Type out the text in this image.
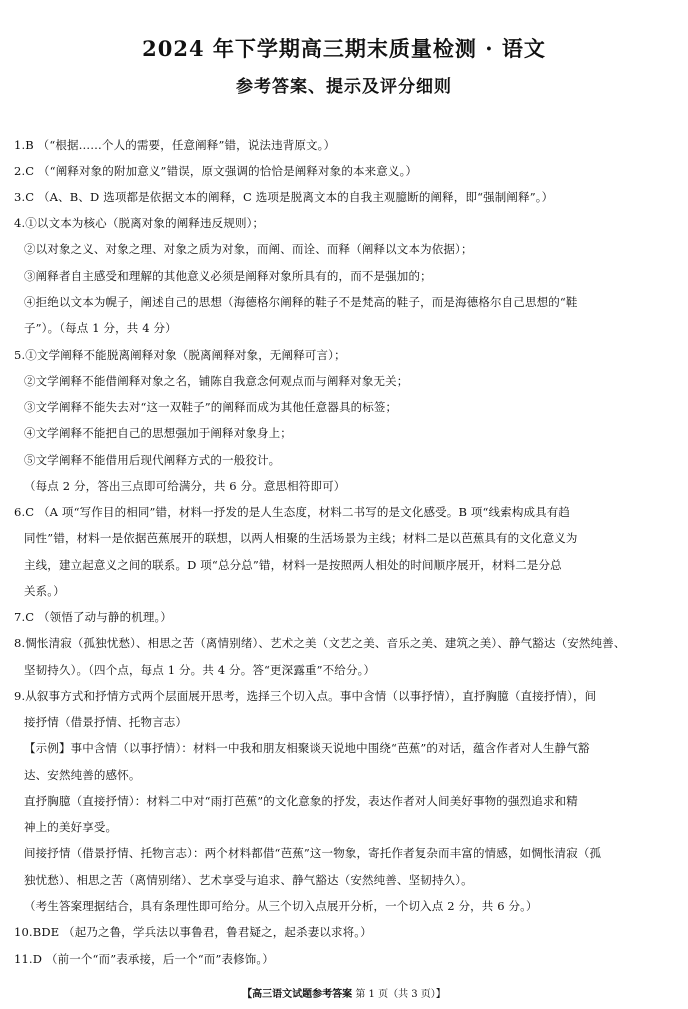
2024 年下学期高三期末质量检测 · 语文
参考答案、提示及评分细则
1.B （“根据……个人的需要，任意阐释”错，说法违背原文。）
2.C （“阐释对象的附加意义”错误，原文强调的恰恰是阐释对象的本来意义。）
3.C （A、B、D 选项都是依据文本的阐释，C 选项是脱离文本的自我主观臆断的阐释，即“强制阐释”。）
4.①以文本为核心（脱离对象的阐释违反规则）；
②以对象之义、对象之理、对象之质为对象，而阐、而诠、而释（阐释以文本为依据）；
③阐释者自主感受和理解的其他意义必须是阐释对象所具有的，而不是强加的；
④拒绝以文本为幌子，阐述自己的思想（海德格尔阐释的鞋子不是梵高的鞋子，而是海德格尔自己思想的“鞋
子”）。（每点 1 分，共 4 分）
5.①文学阐释不能脱离阐释对象（脱离阐释对象，无阐释可言）；
②文学阐释不能借阐释对象之名，铺陈自我意念何观点而与阐释对象无关；
③文学阐释不能失去对“这一双鞋子”的阐释而成为其他任意器具的标签；
④文学阐释不能把自己的思想强加于阐释对象身上；
⑤文学阐释不能借用后现代阐释方式的一般狡计。
（每点 2 分，答出三点即可给满分，共 6 分。意思相符即可）
6.C （A 项“写作目的相同”错，材料一抒发的是人生态度，材料二书写的是文化感受。B 项“线索构成具有趋
同性”错，材料一是依据芭蕉展开的联想，以两人相聚的生活场景为主线；材料二是以芭蕉具有的文化意义为
主线，建立起意义之间的联系。D 项“总分总”错，材料一是按照两人相处的时间顺序展开，材料二是分总
关系。）
7.C （领悟了动与静的机理。）
8.惆怅清寂（孤独忧愁）、相思之苦（离情别绪）、艺术之美（文艺之美、音乐之美、建筑之美）、静气豁达（安然纯善、
坚韧持久）。（四个点，每点 1 分。共 4 分。答“更深露重”不给分。）
9.从叙事方式和抒情方式两个层面展开思考，选择三个切入点。事中含情（以事抒情），直抒胸臆（直接抒情），间
接抒情（借景抒情、托物言志）
【示例】事中含情（以事抒情）：材料一中我和朋友相聚谈天说地中围绕“芭蕉”的对话，蕴含作者对人生静气豁
达、安然纯善的感怀。
直抒胸臆（直接抒情）：材料二中对“雨打芭蕉”的文化意象的抒发，表达作者对人间美好事物的强烈追求和精
神上的美好享受。
间接抒情（借景抒情、托物言志）：两个材料都借“芭蕉”这一物象，寄托作者复杂而丰富的情感，如惆怅清寂（孤
独忧愁）、相思之苦（离情别绪）、艺术享受与追求、静气豁达（安然纯善、坚韧持久）。
（考生答案理据结合，具有条理性即可给分。从三个切入点展开分析，一个切入点 2 分，共 6 分。）
10.BDE （起乃之鲁，学兵法以事鲁君，鲁君疑之，起杀妻以求将。）
11.D （前一个“而”表承接，后一个“而”表修饰。）
【高三语文试题参考答案 第 1 页（共 3 页）】
